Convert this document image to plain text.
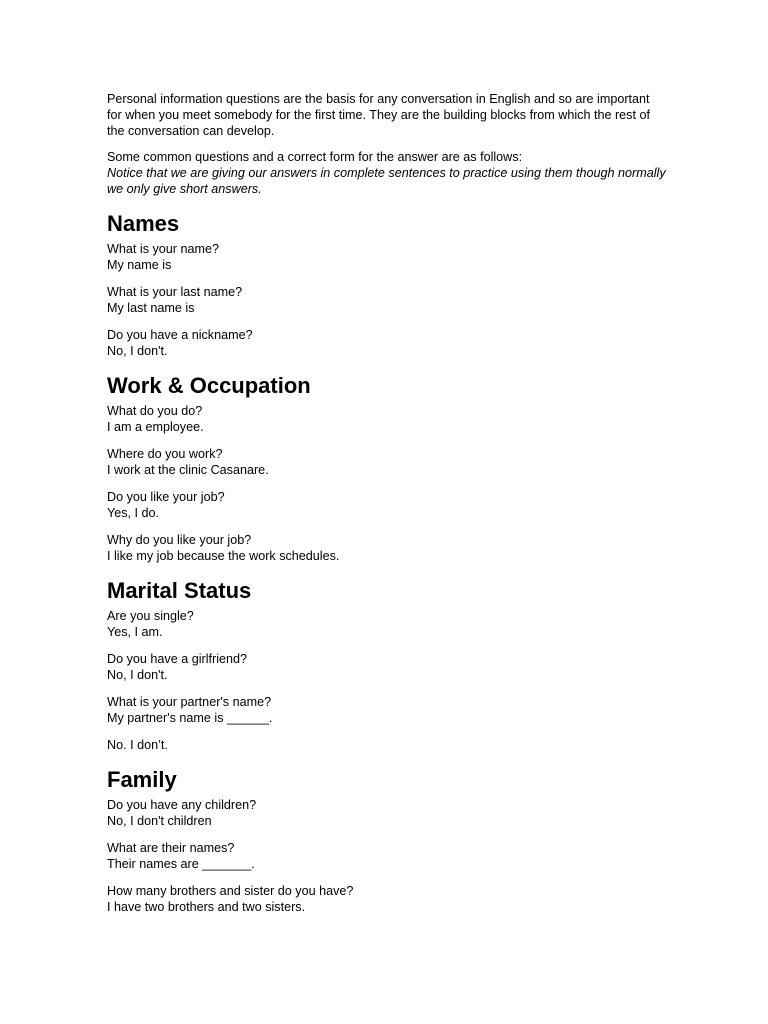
Personal information questions are the basis for any conversation in English and so are important for when you meet somebody for the first time. They are the building blocks from which the rest of the conversation can develop.

Some common questions and a correct form for the answer are as follows:
Notice that we are giving our answers in complete sentences to practice using them though normally we only give short answers.

Names
What is your name?
My name is
What is your last name?
My last name is
Do you have a nickname?
No, I don't.
Work & Occupation
What do you do?
I am a employee.
Where do you work?
I work at the clinic Casanare.
Do you like your job?
Yes, I do.
Why do you like your job?
I like my job because the work schedules.
Marital Status
Are you single?
Yes, I am.
Do you have a girlfriend?
No, I don't.
What is your partner's name?
My partner's name is ______.
No. I don’t.
Family
Do you have any children?
No, I don't children
What are their names?
Their names are _______.
How many brothers and sister do you have?
I have two brothers and two sisters.
